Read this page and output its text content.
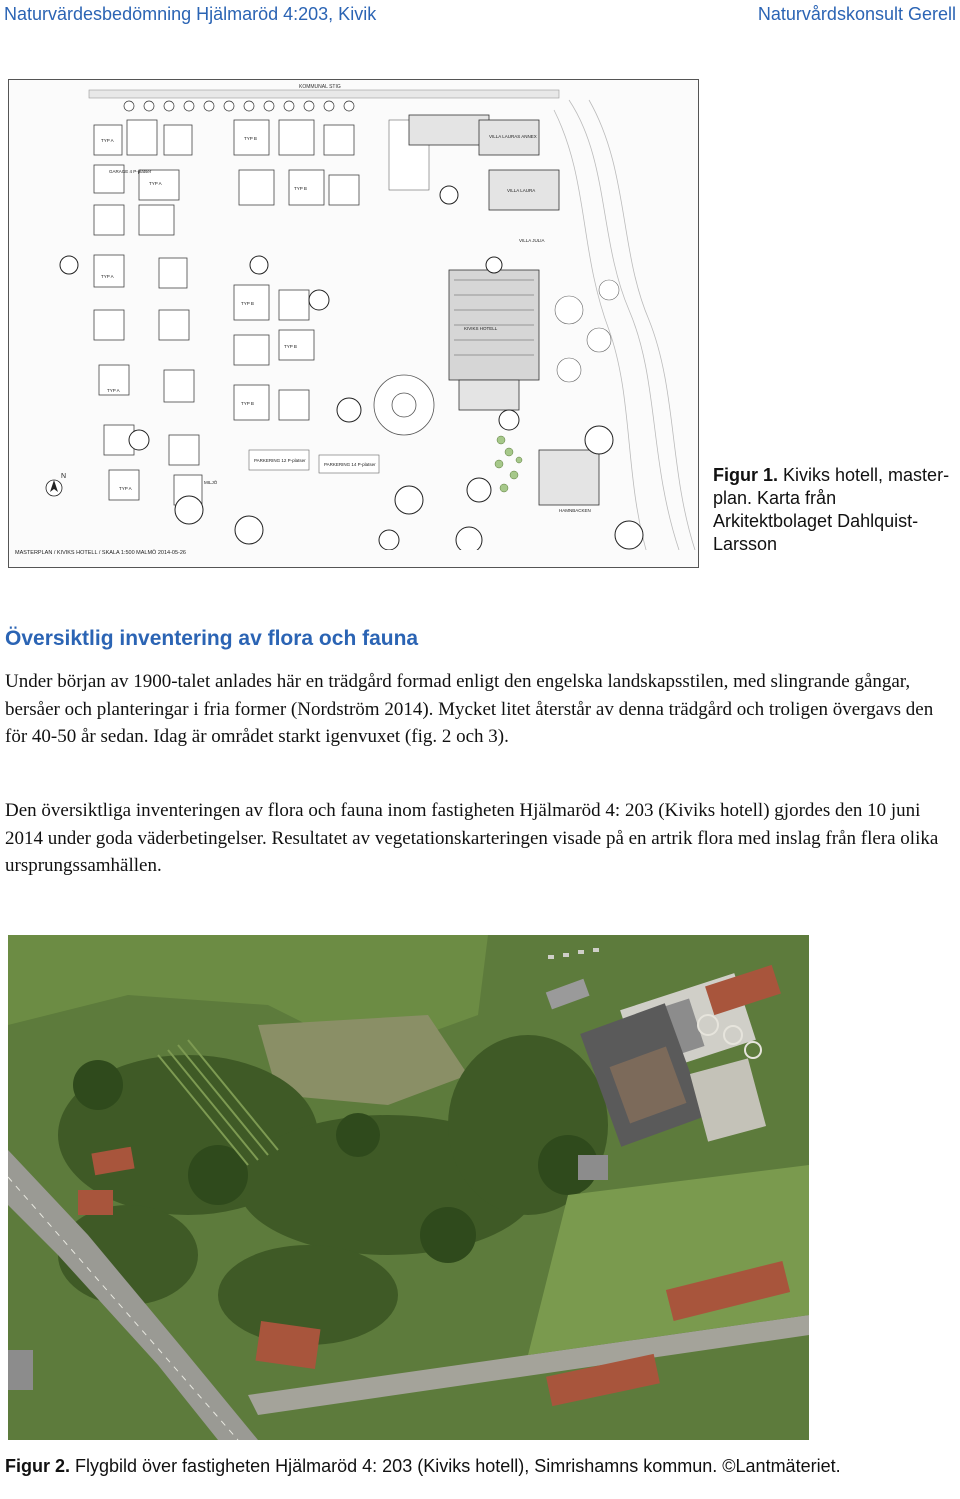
Naturvärdesbedömning Hjälmaröd 4:203, Kivik	Naturvårdskonsult Gerell
KOMMUNAL STIG
TYP A
TYP A
TYP A
TYP A
TYP A
TYP B
TYP B
TYP B
TYP B
TYP B
GARAGE 4 P-platser
MILJÖ
PARKERING 12 P-platser
PARKERING 14 P-platser
VILLA LAURAS ANNEX
VILLA LAURA
VILLA JULIA
KIVIKS HOTELL
HAMNBACKEN
N
MASTERPLAN / KIVIKS HOTELL / SKALA 1:500 MALMÖ 2014-05-26
Figur 1. Kiviks hotell, master-plan. Karta från Arkitektbolaget Dahlquist-Larsson
Översiktlig inventering av flora och fauna

Under början av 1900-talet anlades här en trädgård formad enligt den engelska landskapsstilen, med slingrande gångar, bersåer och planteringar i fria former (Nordström 2014). Mycket litet återstår av denna trädgård och troligen övergavs den för 40-50 år sedan. Idag är området starkt igenvuxet (fig. 2 och 3).

Den översiktliga inventeringen av flora och fauna inom fastigheten Hjälmaröd 4: 203 (Kiviks hotell) gjordes den 10 juni 2014 under goda väderbetingelser. Resultatet av vegetationskarteringen visade på en artrik flora med inslag från flera olika ursprungssamhällen.

Figur 2. Flygbild över fastigheten Hjälmaröd 4: 203 (Kiviks hotell), Simrishamns kommun. ©Lantmäteriet.
